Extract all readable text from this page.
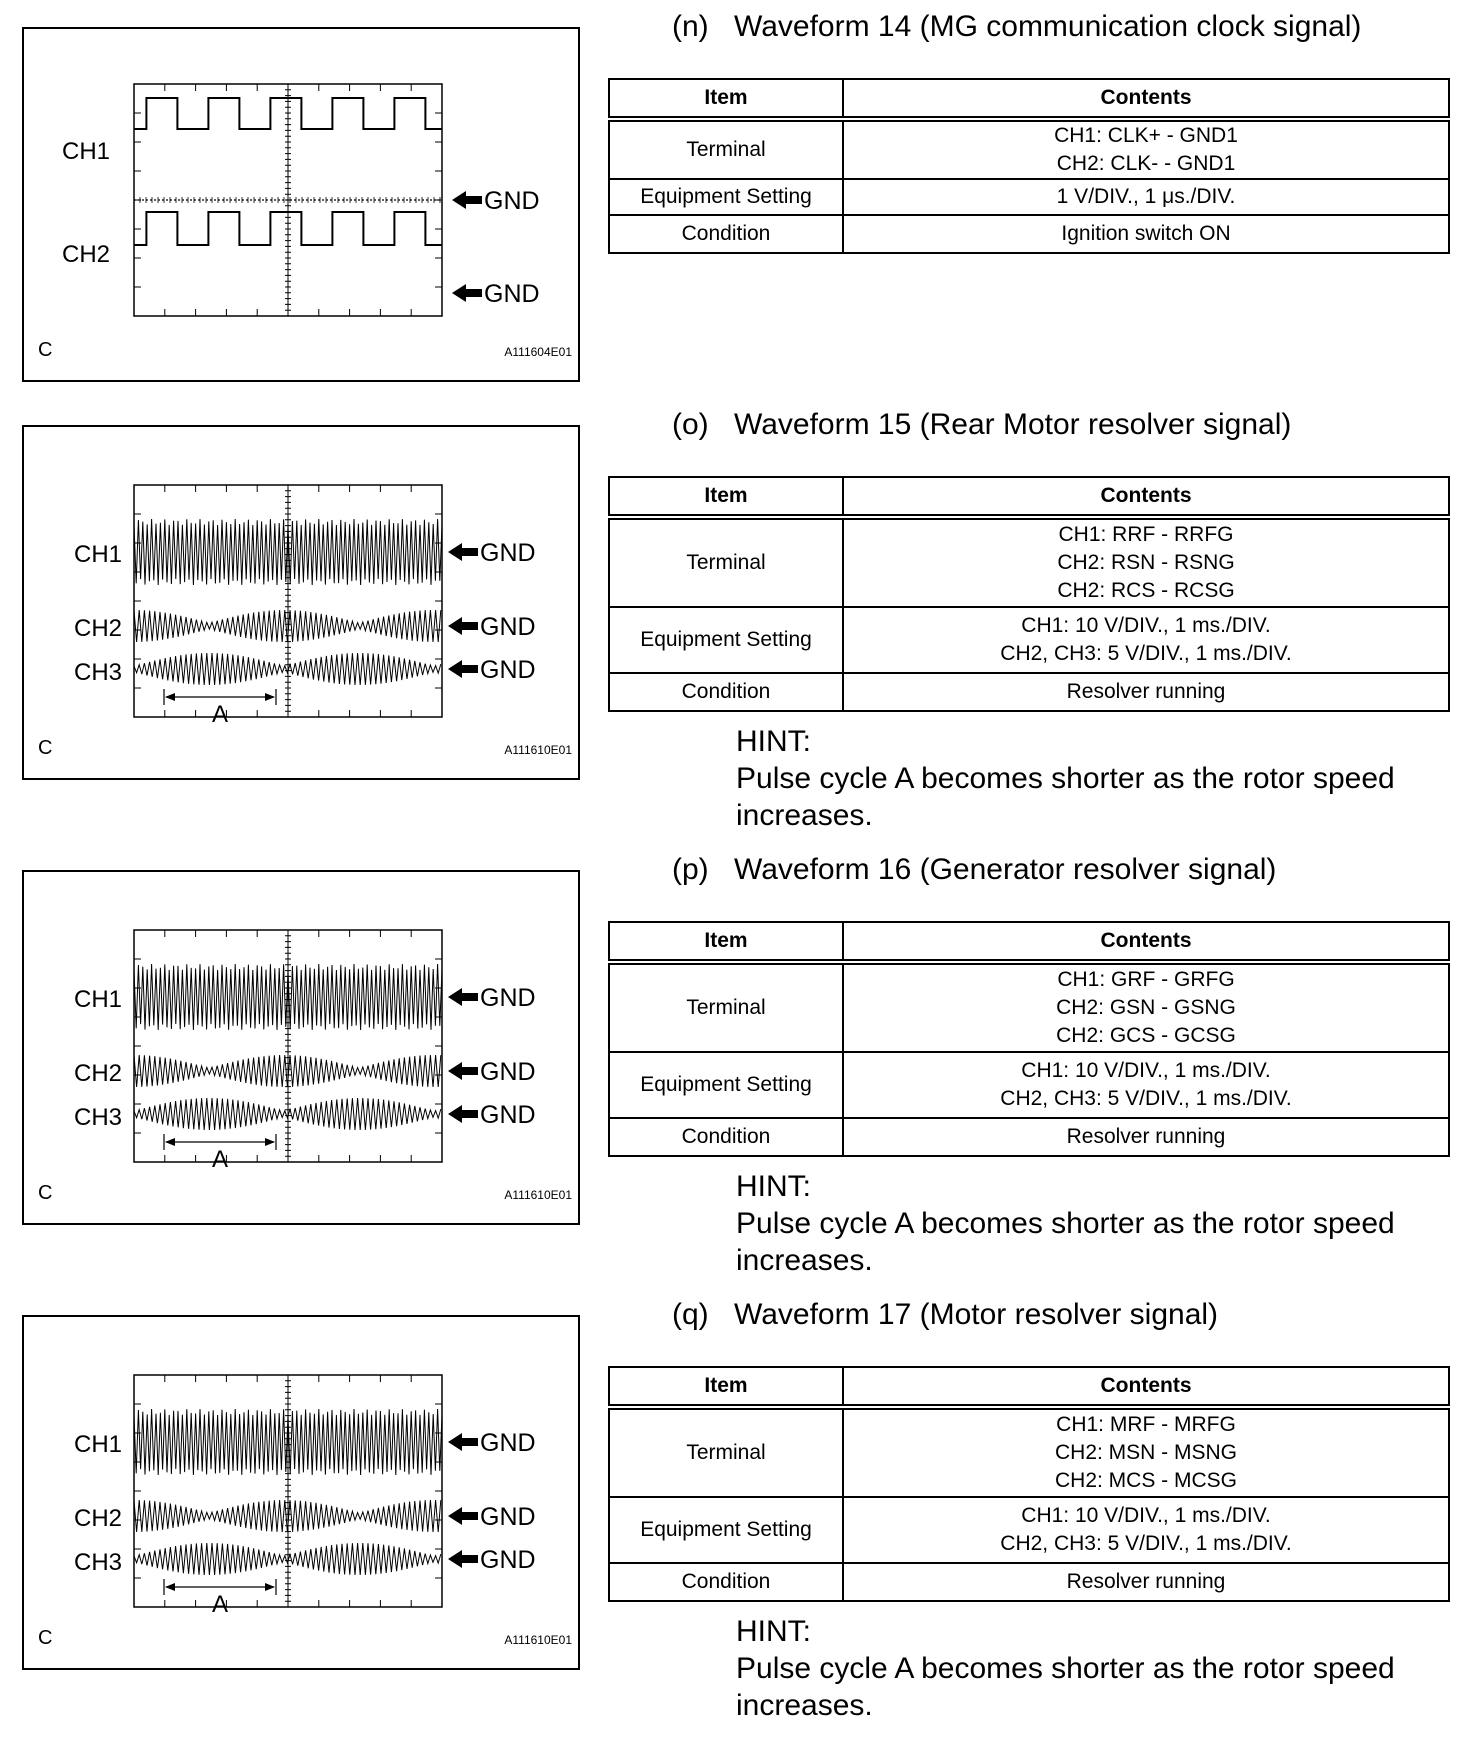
CH1
CH2
GND
GND
C	A111604E01
(n) Waveform 14 (MG communication clock signal)
Item	Contents
Terminal	CH1: CLK+ - GND1
CH2: CLK- - GND1

Equipment Setting	1 V/DIV., 1 μs./DIV.

Condition	Ignition switch ON
CH1
CH2
CH3
GND
GND
GND
A
C	A111610E01
(o) Waveform 15 (Rear Motor resolver signal)
Item	Contents
Terminal	CH1: RRF - RRFG
CH2: RSN - RSNG
CH2: RCS - RCSG

Equipment Setting	CH1: 10 V/DIV., 1 ms./DIV.
CH2, CH3: 5 V/DIV., 1 ms./DIV.

Condition	Resolver running
HINT:
Pulse cycle A becomes shorter as the rotor speed increases.
CH1
CH2
CH3
GND
GND
GND
A
C	A111610E01
(p) Waveform 16 (Generator resolver signal)
Item	Contents
Terminal	CH1: GRF - GRFG
CH2: GSN - GSNG
CH2: GCS - GCSG

Equipment Setting	CH1: 10 V/DIV., 1 ms./DIV.
CH2, CH3: 5 V/DIV., 1 ms./DIV.

Condition	Resolver running
HINT:
Pulse cycle A becomes shorter as the rotor speed increases.
CH1
CH2
CH3
GND
GND
GND
A
C	A111610E01
(q) Waveform 17 (Motor resolver signal)
Item	Contents
Terminal	CH1: MRF - MRFG
CH2: MSN - MSNG
CH2: MCS - MCSG

Equipment Setting	CH1: 10 V/DIV., 1 ms./DIV.
CH2, CH3: 5 V/DIV., 1 ms./DIV.

Condition	Resolver running
HINT:
Pulse cycle A becomes shorter as the rotor speed increases.
